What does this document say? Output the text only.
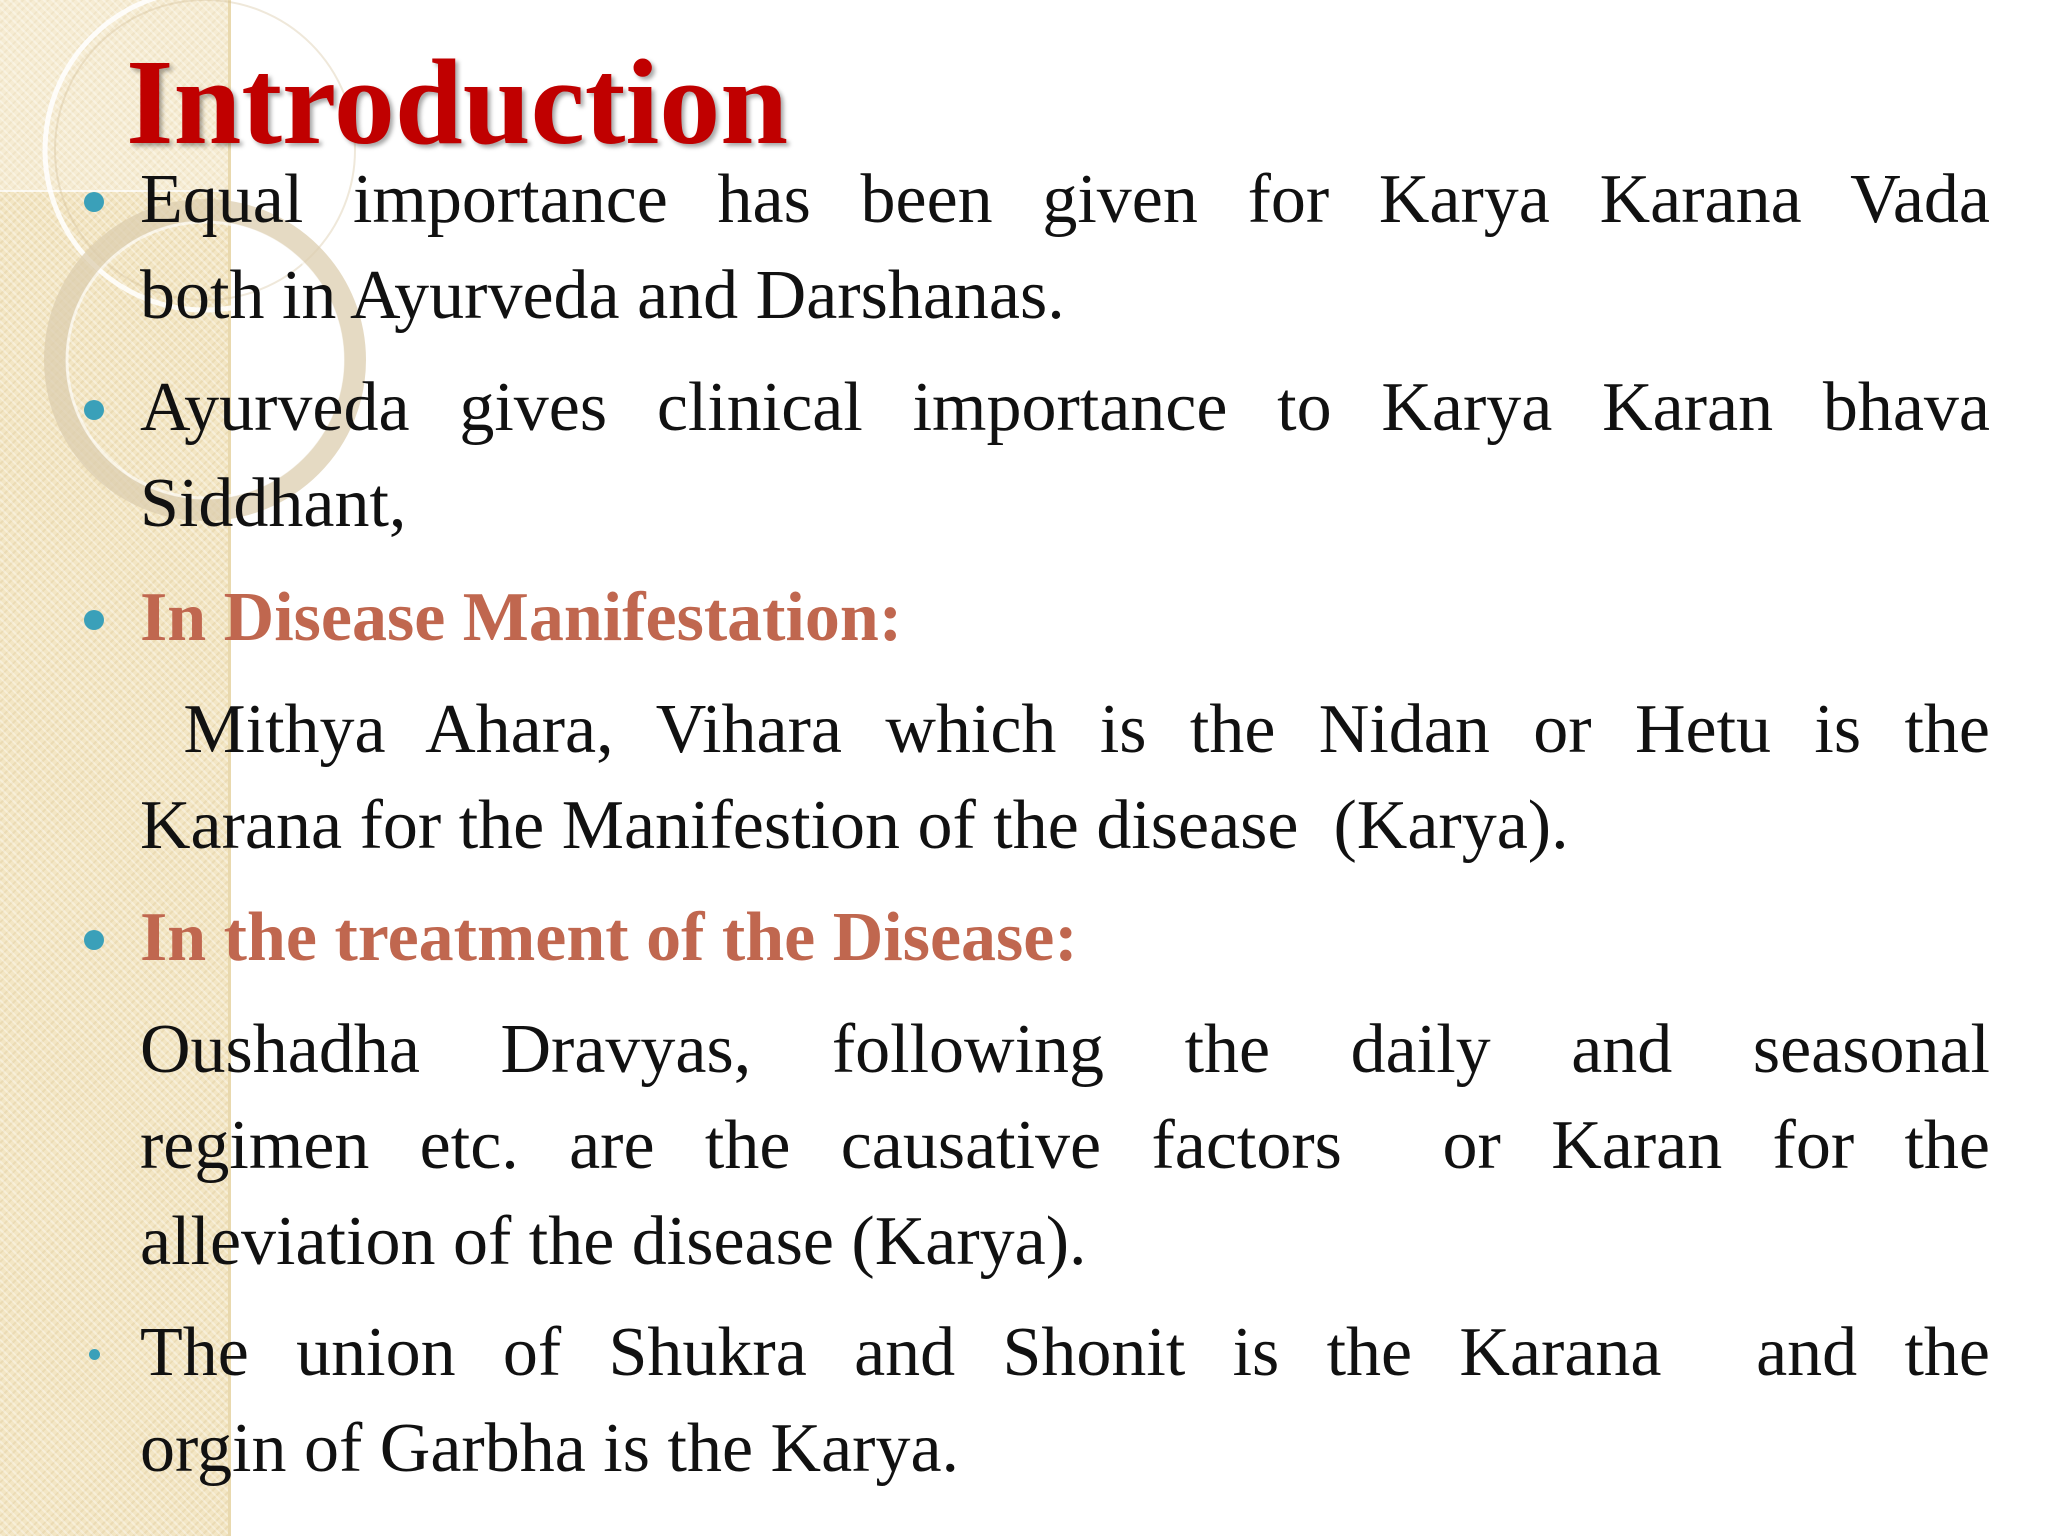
Introduction
Equal importance has been given for Karya Karana Vada
both in Ayurveda and Darshanas.
Ayurveda gives clinical importance to Karya Karan bhava
Siddhant,
In Disease Manifestation:
Mithya Ahara, Vihara which is the Nidan or Hetu is the
Karana for the Manifestion of the disease  (Karya).
In the treatment of the Disease:
Oushadha Dravyas, following the daily and seasonal
regimen etc. are the causative factors  or Karan for the
alleviation of the disease (Karya).
The union of Shukra and Shonit is the Karana  and the
orgin of Garbha is the Karya.
